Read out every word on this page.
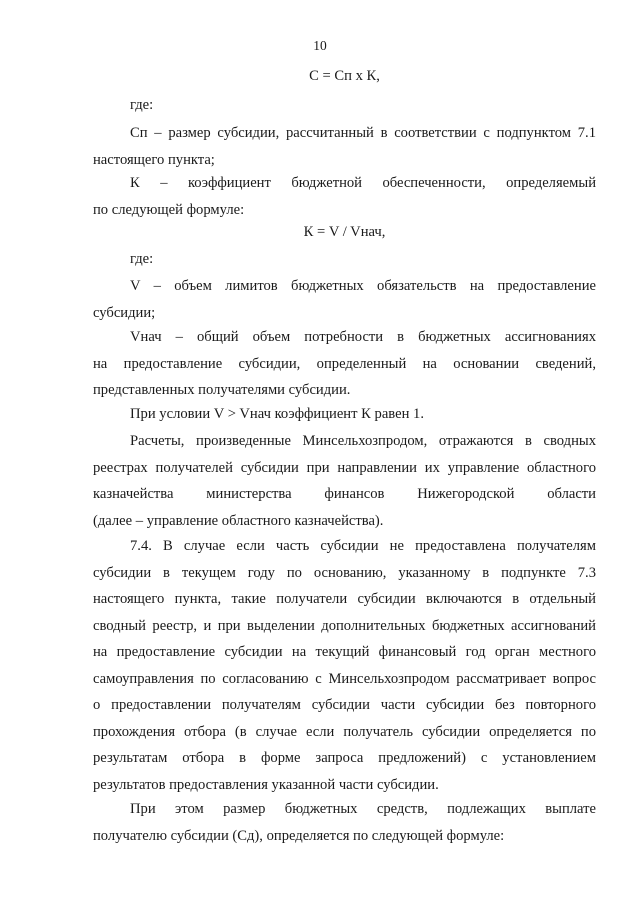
10
С = Сп x К,
где:
Сп – размер субсидии, рассчитанный в соответствии с подпунктом 7.1
настоящего пункта;
К – коэффициент бюджетной обеспеченности, определяемый
по следующей формуле:
К = V / Vнач,
где:
V – объем лимитов бюджетных обязательств на предоставление
субсидии;
Vнач – общий объем потребности в бюджетных ассигнованиях
на предоставление субсидии, определенный на основании сведений,
представленных получателями субсидии.
При условии V > Vнач коэффициент К равен 1.
Расчеты, произведенные Минсельхозпродом, отражаются в сводных
реестрах получателей субсидии при направлении их управление областного
казначейства министерства финансов Нижегородской области
(далее – управление областного казначейства).
7.4. В случае если часть субсидии не предоставлена получателям
субсидии в текущем году по основанию, указанному в подпункте 7.3
настоящего пункта, такие получатели субсидии включаются в отдельный
сводный реестр, и при выделении дополнительных бюджетных ассигнований
на предоставление субсидии на текущий финансовый год орган местного
самоуправления по согласованию с Минсельхозпродом рассматривает вопрос
о предоставлении получателям субсидии части субсидии без повторного
прохождения отбора (в случае если получатель субсидии определяется по
результатам отбора в форме запроса предложений) с установлением
результатов предоставления указанной части субсидии.
При этом размер бюджетных средств, подлежащих выплате
получателю субсидии (Сд), определяется по следующей формуле:
